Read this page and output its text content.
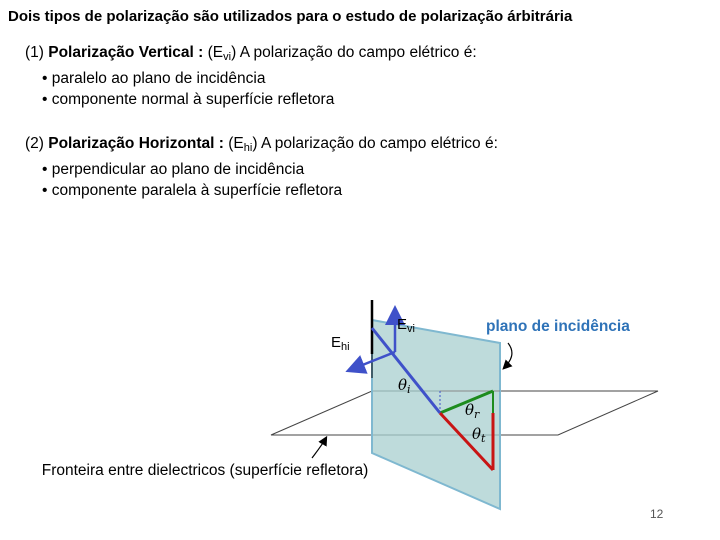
Dois tipos de polarização são utilizados para o estudo de polarização árbitrária
(1) Polarização Vertical : $(E_{vi})$ A polarização do campo elétrico é:
• paralelo ao plano de incidência
• componente normal à superfície refletora
(2) Polarização Horizontal : $(E_{hi})$ A polarização do campo elétrico é:
• perpendicular ao plano de incidência
• componente paralela à superfície refletora
$E_{vi}$
$E_{hi}$
$\theta_i$
$\theta_r$
$\theta_t$
plano de incidência
Fronteira entre dielectricos (superfície refletora)
12
